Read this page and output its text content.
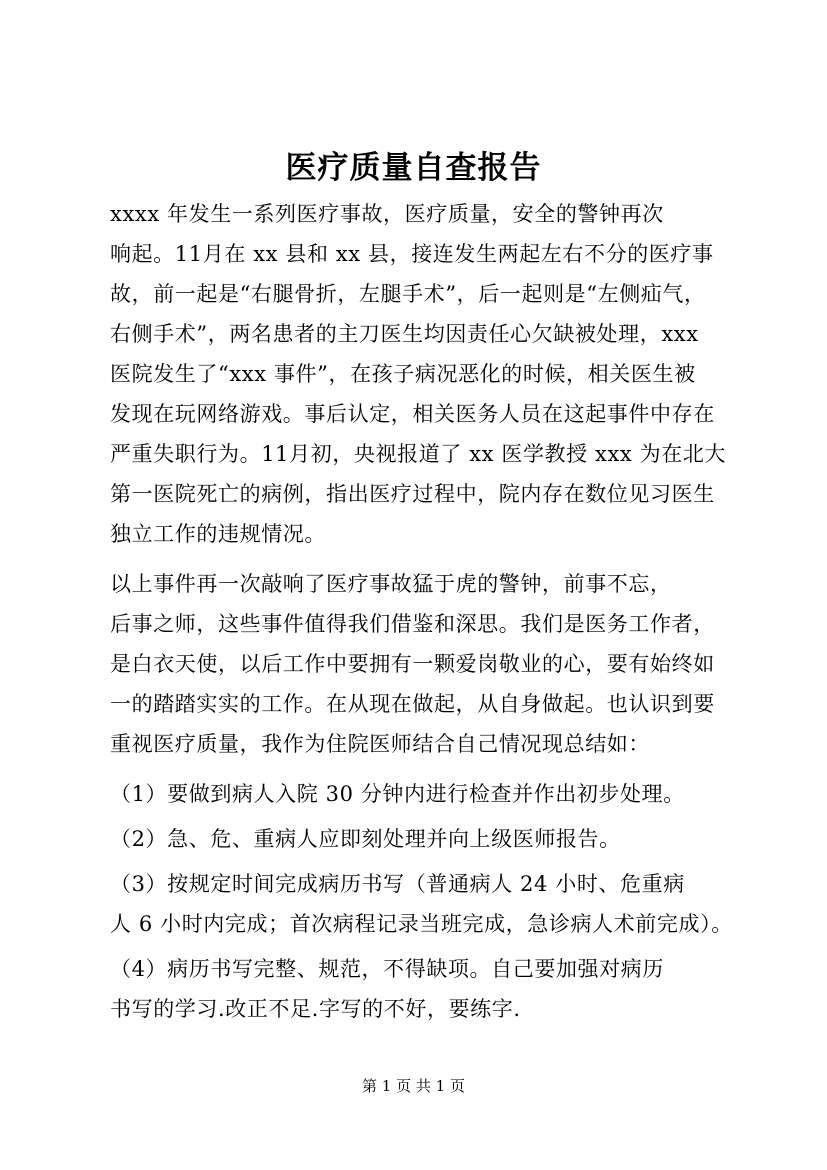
医疗质量自查报告
xxxx 年发生一系列医疗事故，医疗质量，安全的警钟再次
响起。11月在 xx 县和 xx 县，接连发生两起左右不分的医疗事
故，前一起是“右腿骨折，左腿手术”，后一起则是“左侧疝气，
右侧手术”，两名患者的主刀医生均因责任心欠缺被处理，xxx
医院发生了“xxx 事件”，在孩子病况恶化的时候，相关医生被
发现在玩网络游戏。事后认定，相关医务人员在这起事件中存在
严重失职行为。11月初，央视报道了 xx 医学教授 xxx 为在北大
第一医院死亡的病例，指出医疗过程中，院内存在数位见习医生
独立工作的违规情况。
以上事件再一次敲响了医疗事故猛于虎的警钟，前事不忘，
后事之师，这些事件值得我们借鉴和深思。我们是医务工作者，
是白衣天使，以后工作中要拥有一颗爱岗敬业的心，要有始终如
一的踏踏实实的工作。在从现在做起，从自身做起。也认识到要
重视医疗质量，我作为住院医师结合自己情况现总结如：
（1）要做到病人入院 30 分钟内进行检查并作出初步处理。
（2）急、危、重病人应即刻处理并向上级医师报告。
（3）按规定时间完成病历书写（普通病人 24 小时、危重病
人 6 小时内完成；首次病程记录当班完成，急诊病人术前完成）。
（4）病历书写完整、规范，不得缺项。自己要加强对病历
书写的学习.改正不足.字写的不好，要练字.
第 1 页 共 1 页
